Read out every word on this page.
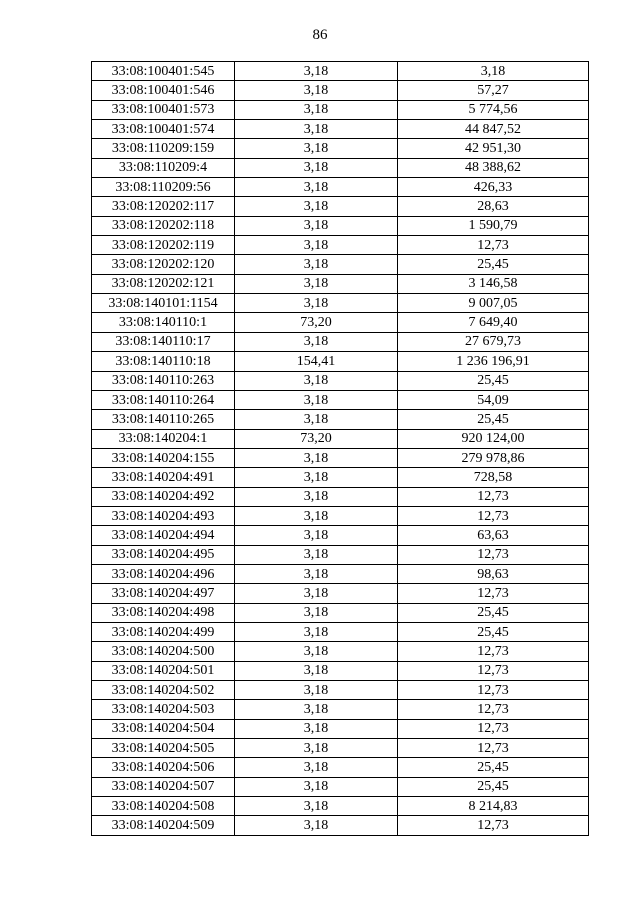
86
33:08:100401:545	3,18	3,18
33:08:100401:546	3,18	57,27
33:08:100401:573	3,18	5 774,56
33:08:100401:574	3,18	44 847,52
33:08:110209:159	3,18	42 951,30
33:08:110209:4	3,18	48 388,62
33:08:110209:56	3,18	426,33
33:08:120202:117	3,18	28,63
33:08:120202:118	3,18	1 590,79
33:08:120202:119	3,18	12,73
33:08:120202:120	3,18	25,45
33:08:120202:121	3,18	3 146,58
33:08:140101:1154	3,18	9 007,05
33:08:140110:1	73,20	7 649,40
33:08:140110:17	3,18	27 679,73
33:08:140110:18	154,41	1 236 196,91
33:08:140110:263	3,18	25,45
33:08:140110:264	3,18	54,09
33:08:140110:265	3,18	25,45
33:08:140204:1	73,20	920 124,00
33:08:140204:155	3,18	279 978,86
33:08:140204:491	3,18	728,58
33:08:140204:492	3,18	12,73
33:08:140204:493	3,18	12,73
33:08:140204:494	3,18	63,63
33:08:140204:495	3,18	12,73
33:08:140204:496	3,18	98,63
33:08:140204:497	3,18	12,73
33:08:140204:498	3,18	25,45
33:08:140204:499	3,18	25,45
33:08:140204:500	3,18	12,73
33:08:140204:501	3,18	12,73
33:08:140204:502	3,18	12,73
33:08:140204:503	3,18	12,73
33:08:140204:504	3,18	12,73
33:08:140204:505	3,18	12,73
33:08:140204:506	3,18	25,45
33:08:140204:507	3,18	25,45
33:08:140204:508	3,18	8 214,83
33:08:140204:509	3,18	12,73
